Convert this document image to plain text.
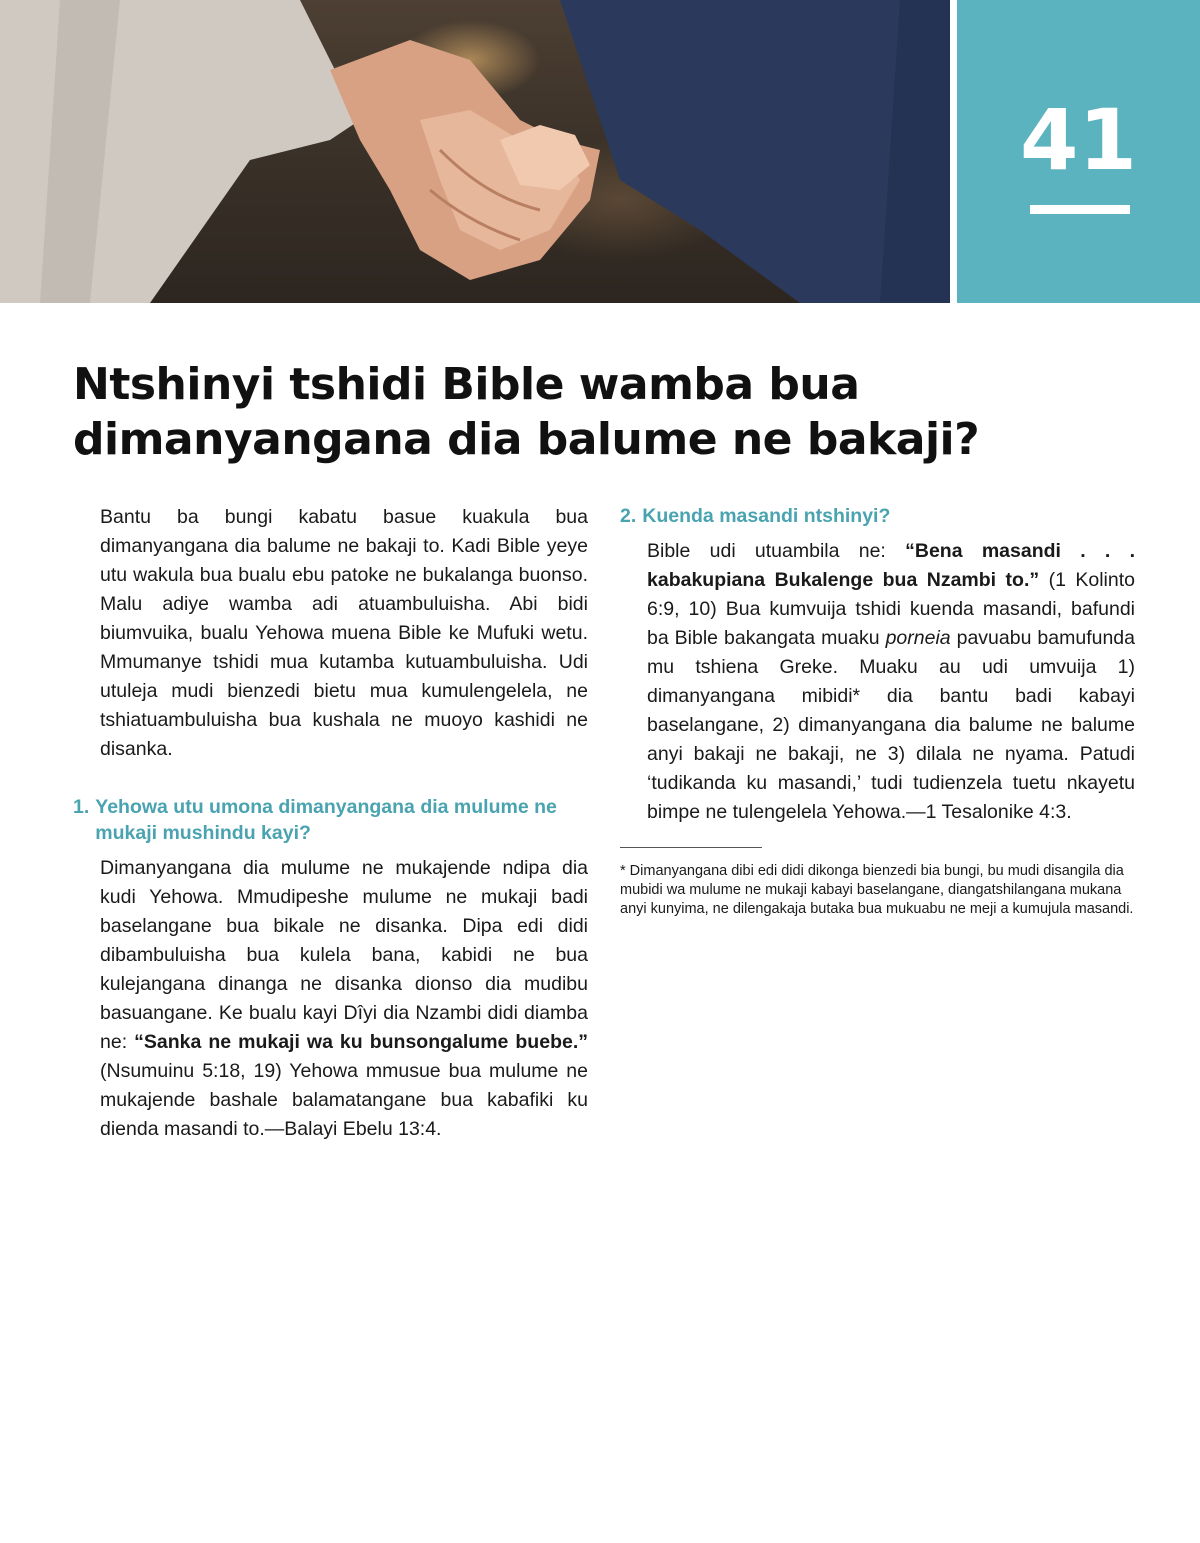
41
Ntshinyi tshidi Bible wamba bua
dimanyangana dia balume ne bakaji?

Bantu ba bungi kabatu basue kuakula bua dimanyangana dia balume ne bakaji to. Kadi Bible yeye utu wakula bua bualu ebu patoke ne bukalanga buonso. Malu adiye wamba adi atuambuluisha. Abi bidi biumvuika, bualu Yehowa muena Bible ke Mufuki wetu. Mmumanye tshidi mua kutamba kutuambuluisha. Udi utuleja mudi bienzedi bietu mua kumulengelela, ne tshiatuambuluisha bua kushala ne muoyo kashidi ne disanka.

1. Yehowa utu umona dimanyangana dia mulume ne mukaji mushindu kayi?

Dimanyangana dia mulume ne mukajende ndipa dia kudi Yehowa. Mmudipeshe mulume ne mukaji badi baselangane bua bikale ne disanka. Dipa edi didi dibambuluisha bua kulela bana, kabidi ne bua kulejangana dinanga ne disanka dionso dia mudibu basuangane. Ke bualu kayi Dîyi dia Nzambi didi diamba ne: “Sanka ne mukaji wa ku bunsongalume buebe.” (Nsumuinu 5:18, 19) Yehowa mmusue bua mulume ne mukajende bashale balamatangane bua kabafiki ku dienda masandi to.—Balayi Ebelu 13:4.

2. Kuenda masandi ntshinyi?

Bible udi utuambila ne: “Bena masandi . . . kabakupiana Bukalenge bua Nzambi to.” (1 Kolinto 6:9, 10) Bua kumvuija tshidi kuenda masandi, bafundi ba Bible bakangata muaku porneia pavuabu bamufunda mu tshiena Greke. Muaku au udi umvuija 1) dimanyangana mibidi* dia bantu badi kabayi baselangane, 2) dimanyangana dia balume ne balume anyi bakaji ne bakaji, ne 3) dilala ne nyama. Patudi ‘tudikanda ku masandi,’ tudi tudienzela tuetu nkayetu bimpe ne tulengelela Yehowa.—1 Tesalonike 4:3.

* Dimanyangana dibi edi didi dikonga bienzedi bia bungi, bu mudi disangila dia mubidi wa mulume ne mukaji kabayi baselangane, diangatshilangana mukana anyi kunyima, ne dilengakaja butaka bua mukuabu ne meji a kumujula masandi.
